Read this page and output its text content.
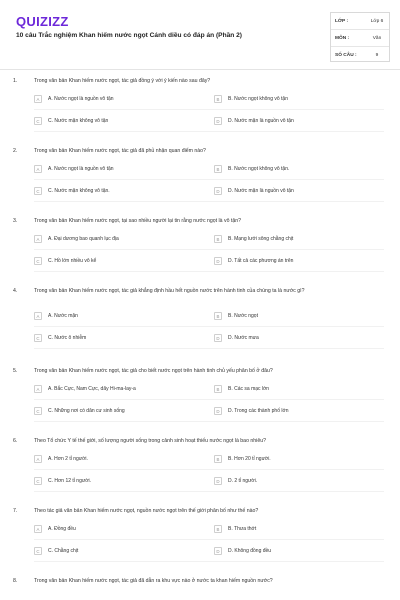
QUIZIZZ
10 câu Trắc nghiệm Khan hiếm nước ngọt Cánh diều có đáp án (Phần 2)
LỚP :	Lớp 6
MÔN :	Văn
SỐ CÂU :	9
1.	Trong văn bản Khan hiếm nước ngọt, tác giả đồng ý với ý kiến nào sau đây?
A	A. Nước ngọt là nguồn vô tận	B	B. Nước ngọt không vô tận
C	C. Nước mặn không vô tận	D	D. Nước mặn là nguồn vô tận
2.	Trong văn bản Khan hiếm nước ngọt, tác giả đã phủ nhận quan điểm nào?
A	A. Nước ngọt là nguồn vô tận	B	B. Nước ngọt không vô tận.
C	C. Nước mặn không vô tận.	D	D. Nước mặn là nguồn vô tận
3.	Trong văn bản Khan hiếm nước ngọt, tại sao nhiều người lại tin rằng nước ngọt là vô tận?
A	A. Đại dương bao quanh lục địa	B	B. Mạng lưới sông chằng chịt
C	C. Hồ lớn nhiều vô kể	D	D. Tất cả các phương án trên
4.	Trong văn bản Khan hiếm nước ngọt, tác giả khẳng định hầu hết nguồn nước trên hành tinh của chúng ta là nước gì?
A	A. Nước mặn	B	B. Nước ngọt
C	C. Nước ô nhiễm	D	D. Nước mưa
5.	Trong văn bản Khan hiếm nước ngọt, tác giả cho biết nước ngọt trên hành tinh chủ yếu phân bố ở đâu?
A	A. Bắc Cực, Nam Cực, dãy Hi-ma-lay-a	B	B. Các sa mạc lớn
C	C. Những nơi có dân cư sinh sống	D	D. Trong các thành phố lớn
6.	Theo Tổ chức Y tế thế giới, số lượng người sống trong cảnh sinh hoạt thiếu nước ngọt là bao nhiêu?
A	A. Hơn 2 tỉ người.	B	B. Hơn 20 tỉ người.
C	C. Hơn 12 tỉ người.	D	D. 2 tỉ người.
7.	Theo tác giả văn bản Khan hiếm nước ngọt, nguồn nước ngọt trên thế giới phân bố như thế nào?
A	A. Đồng đều	B	B. Thưa thớt
C	C. Chằng chịt	D	D. Không đồng đều
8.	Trong văn bản Khan hiếm nước ngọt, tác giả đã dẫn ra khu vực nào ở nước ta khan hiếm nguồn nước?
